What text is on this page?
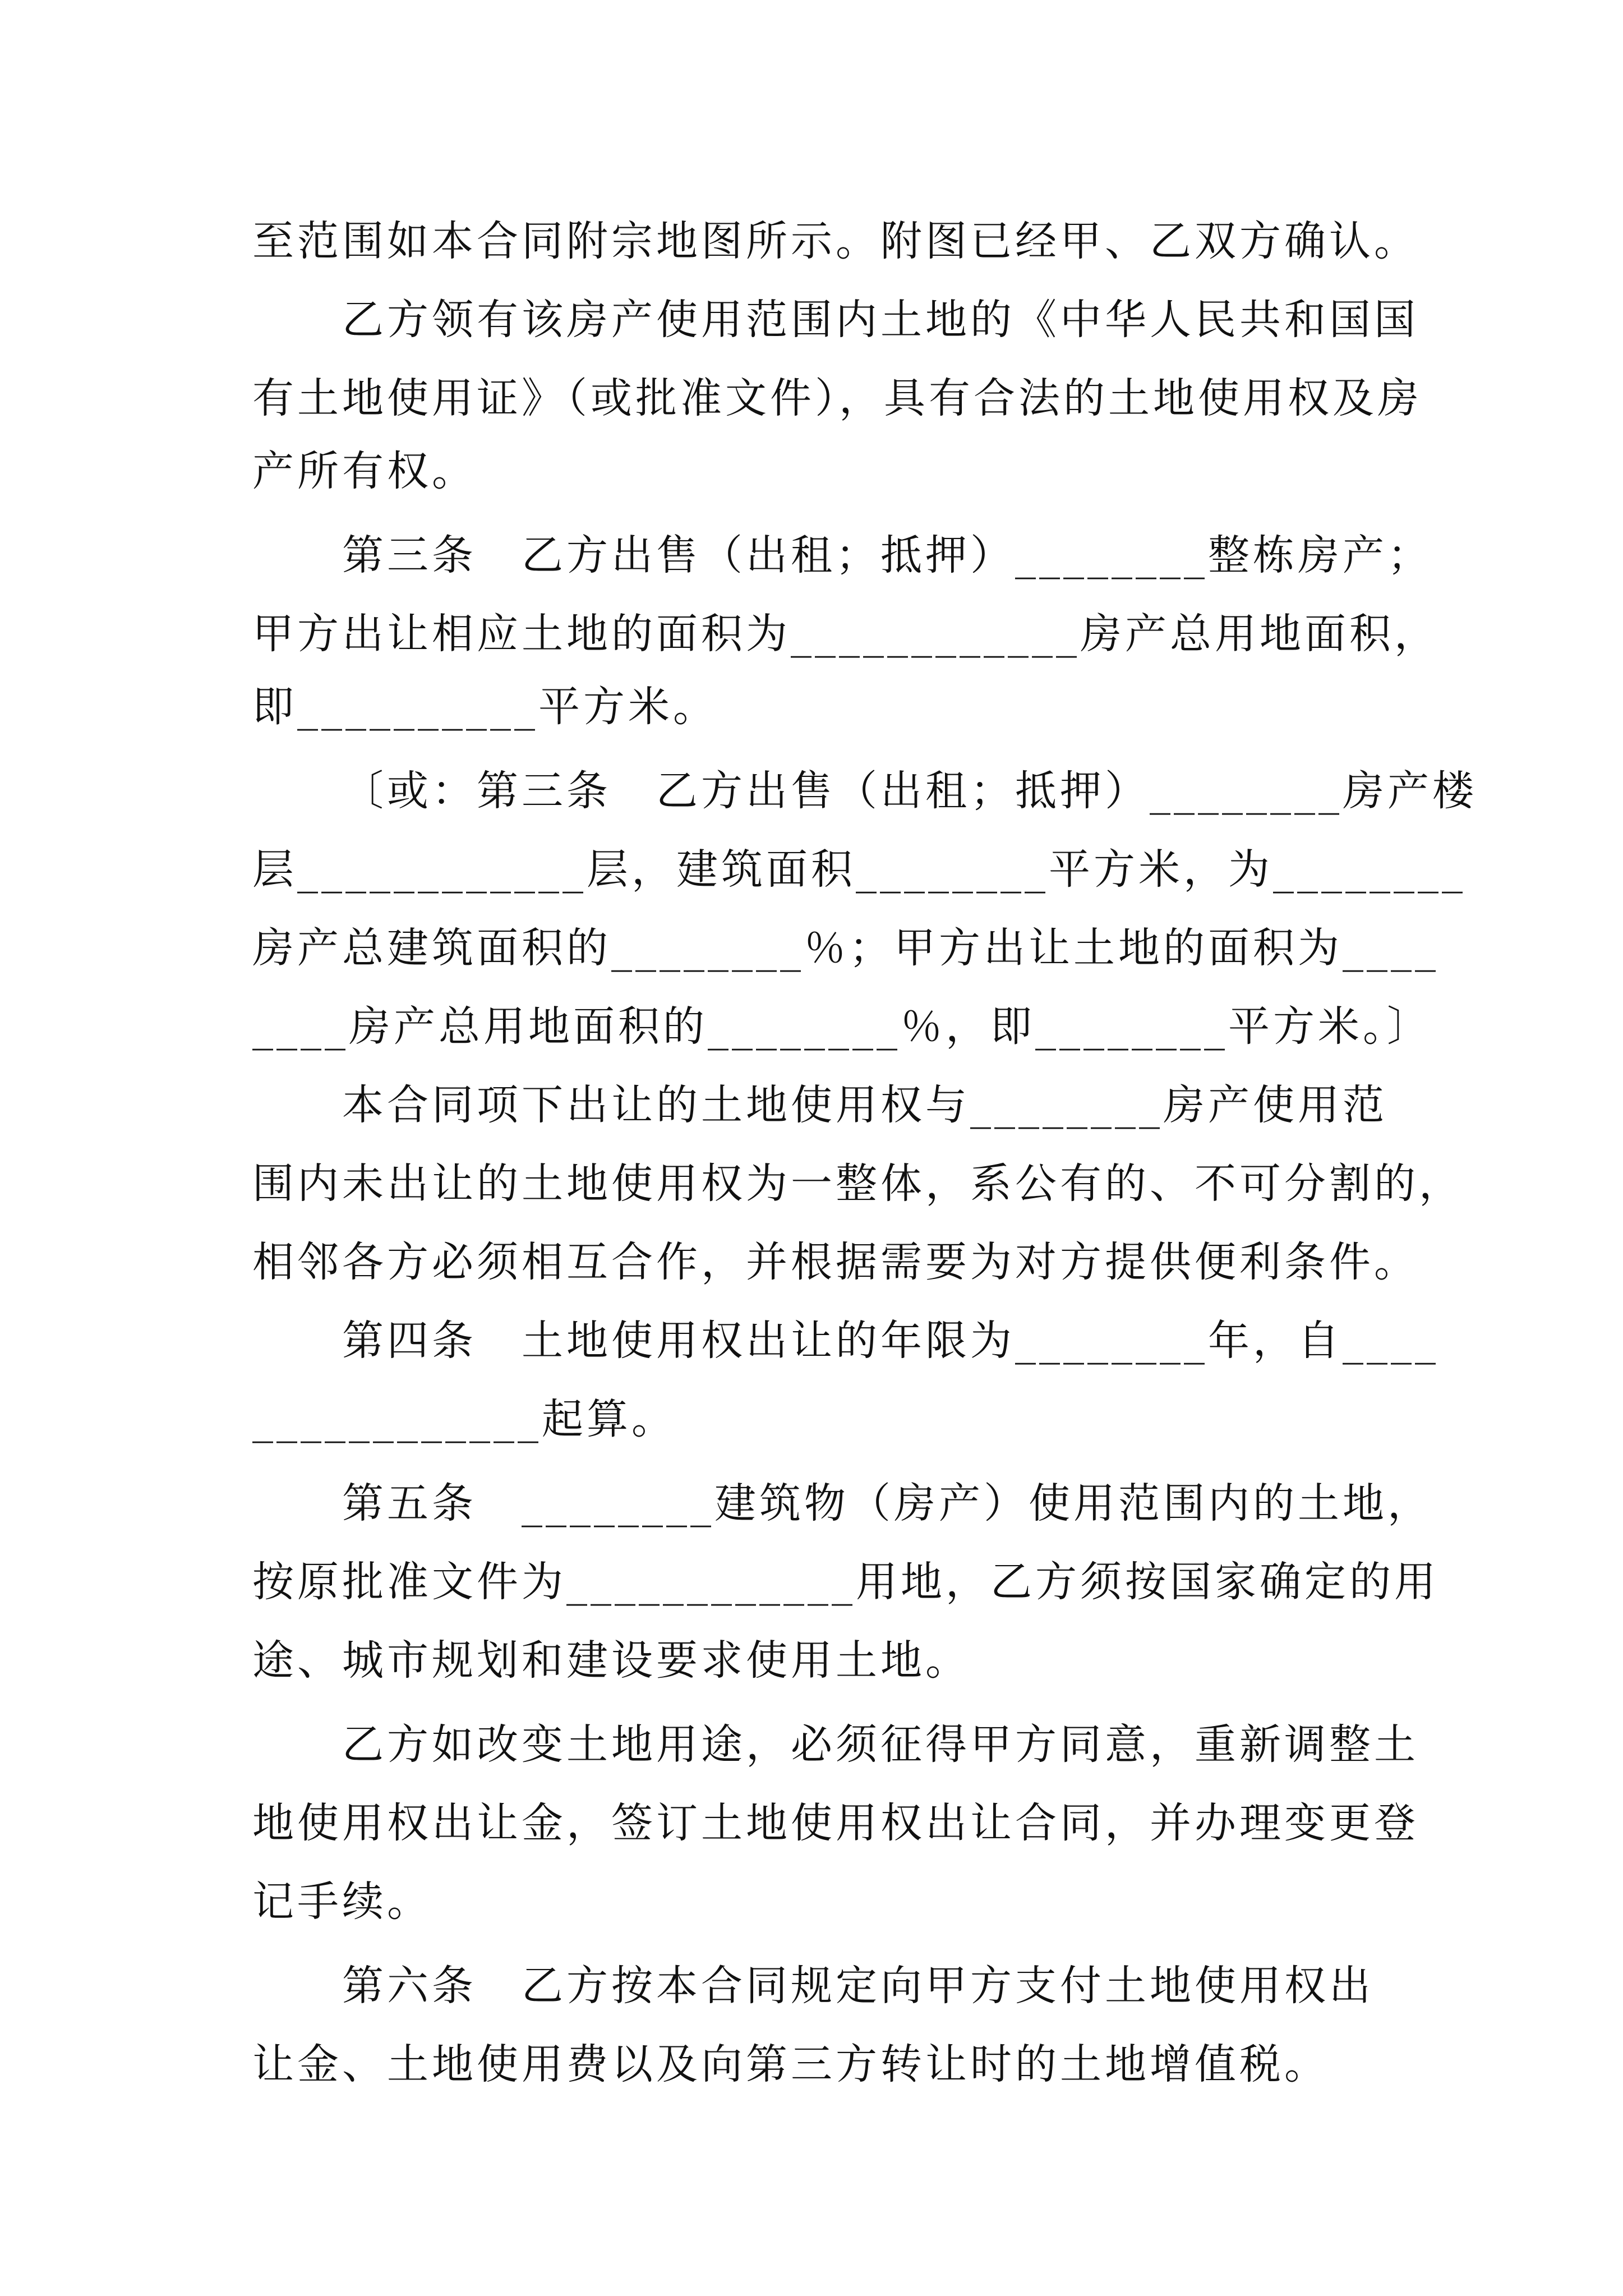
至范围如本合同附宗地图所示。附图已经甲、乙双方确认。
乙方领有该房产使用范围内土地的《中华人民共和国国
有土地使用证》（或批准文件），具有合法的土地使用权及房
产所有权。
第三条　乙方出售（出租；抵押）________整栋房产；
甲方出让相应土地的面积为____________房产总用地面积，
即__________平方米。
〔或：第三条　乙方出售（出租；抵押）________房产楼
层____________层，建筑面积________平方米，为________
房产总建筑面积的________％；甲方出让土地的面积为____
____房产总用地面积的________％，即________平方米。〕
本合同项下出让的土地使用权与________房产使用范
围内未出让的土地使用权为一整体，系公有的、不可分割的，
相邻各方必须相互合作，并根据需要为对方提供便利条件。
第四条　土地使用权出让的年限为________年，自____
____________起算。
第五条　________建筑物（房产）使用范围内的土地，
按原批准文件为____________用地，乙方须按国家确定的用
途、城市规划和建设要求使用土地。
乙方如改变土地用途，必须征得甲方同意，重新调整土
地使用权出让金，签订土地使用权出让合同，并办理变更登
记手续。
第六条　乙方按本合同规定向甲方支付土地使用权出
让金、土地使用费以及向第三方转让时的土地增值税。
